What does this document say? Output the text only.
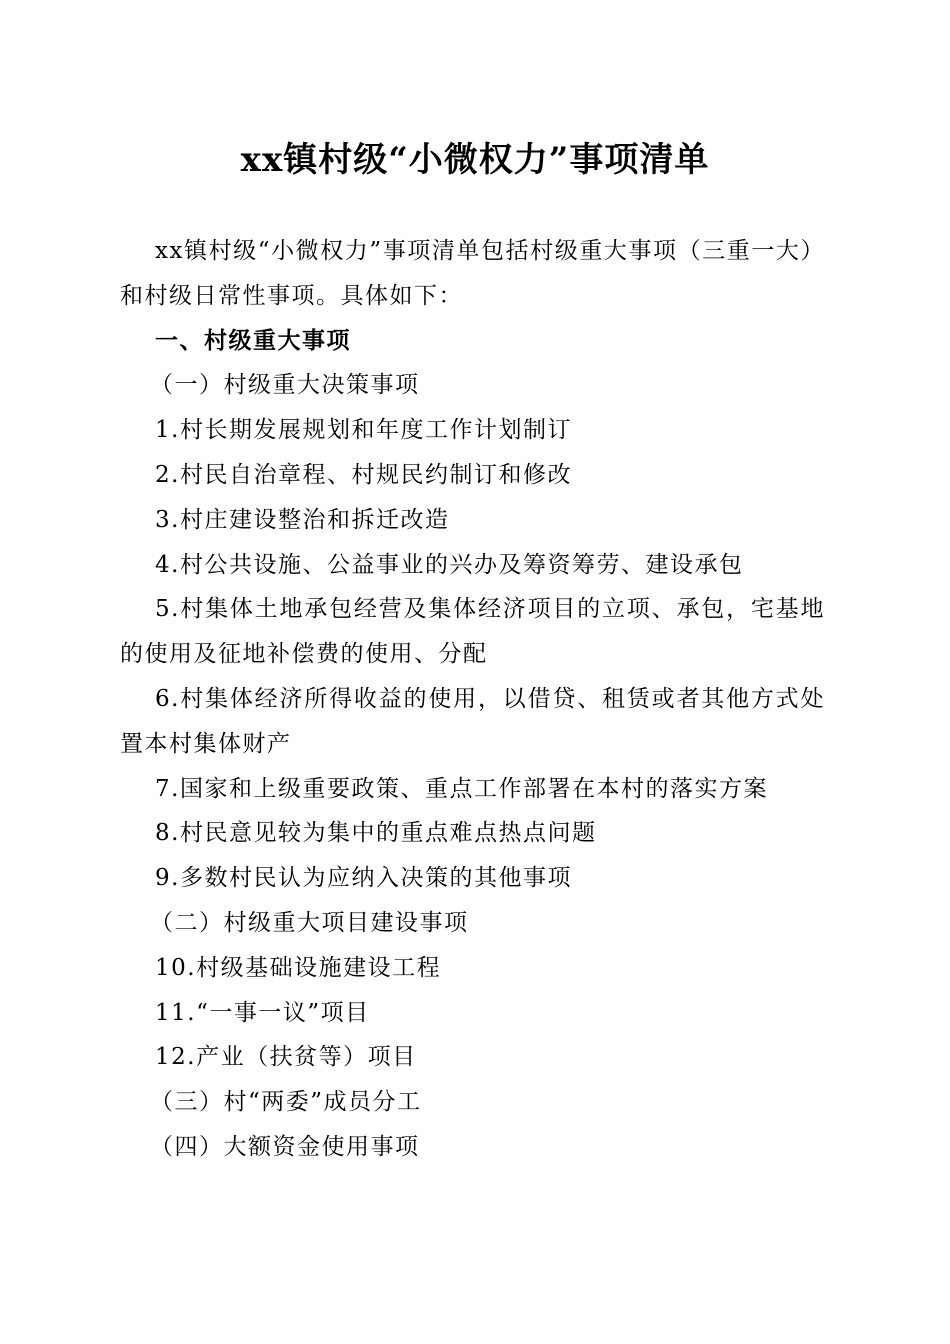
xx镇村级“小微权力”事项清单

xx镇村级“小微权力”事项清单包括村级重大事项（三重一大）和村级日常性事项。具体如下：

一、村级重大事项

（一）村级重大决策事项

1.村长期发展规划和年度工作计划制订

2.村民自治章程、村规民约制订和修改

3.村庄建设整治和拆迁改造

4.村公共设施、公益事业的兴办及筹资筹劳、建设承包

5.村集体土地承包经营及集体经济项目的立项、承包，宅基地的使用及征地补偿费的使用、分配

6.村集体经济所得收益的使用，以借贷、租赁或者其他方式处置本村集体财产

7.国家和上级重要政策、重点工作部署在本村的落实方案

8.村民意见较为集中的重点难点热点问题

9.多数村民认为应纳入决策的其他事项

（二）村级重大项目建设事项

10.村级基础设施建设工程

11.“一事一议”项目

12.产业（扶贫等）项目

（三）村“两委”成员分工

（四）大额资金使用事项
